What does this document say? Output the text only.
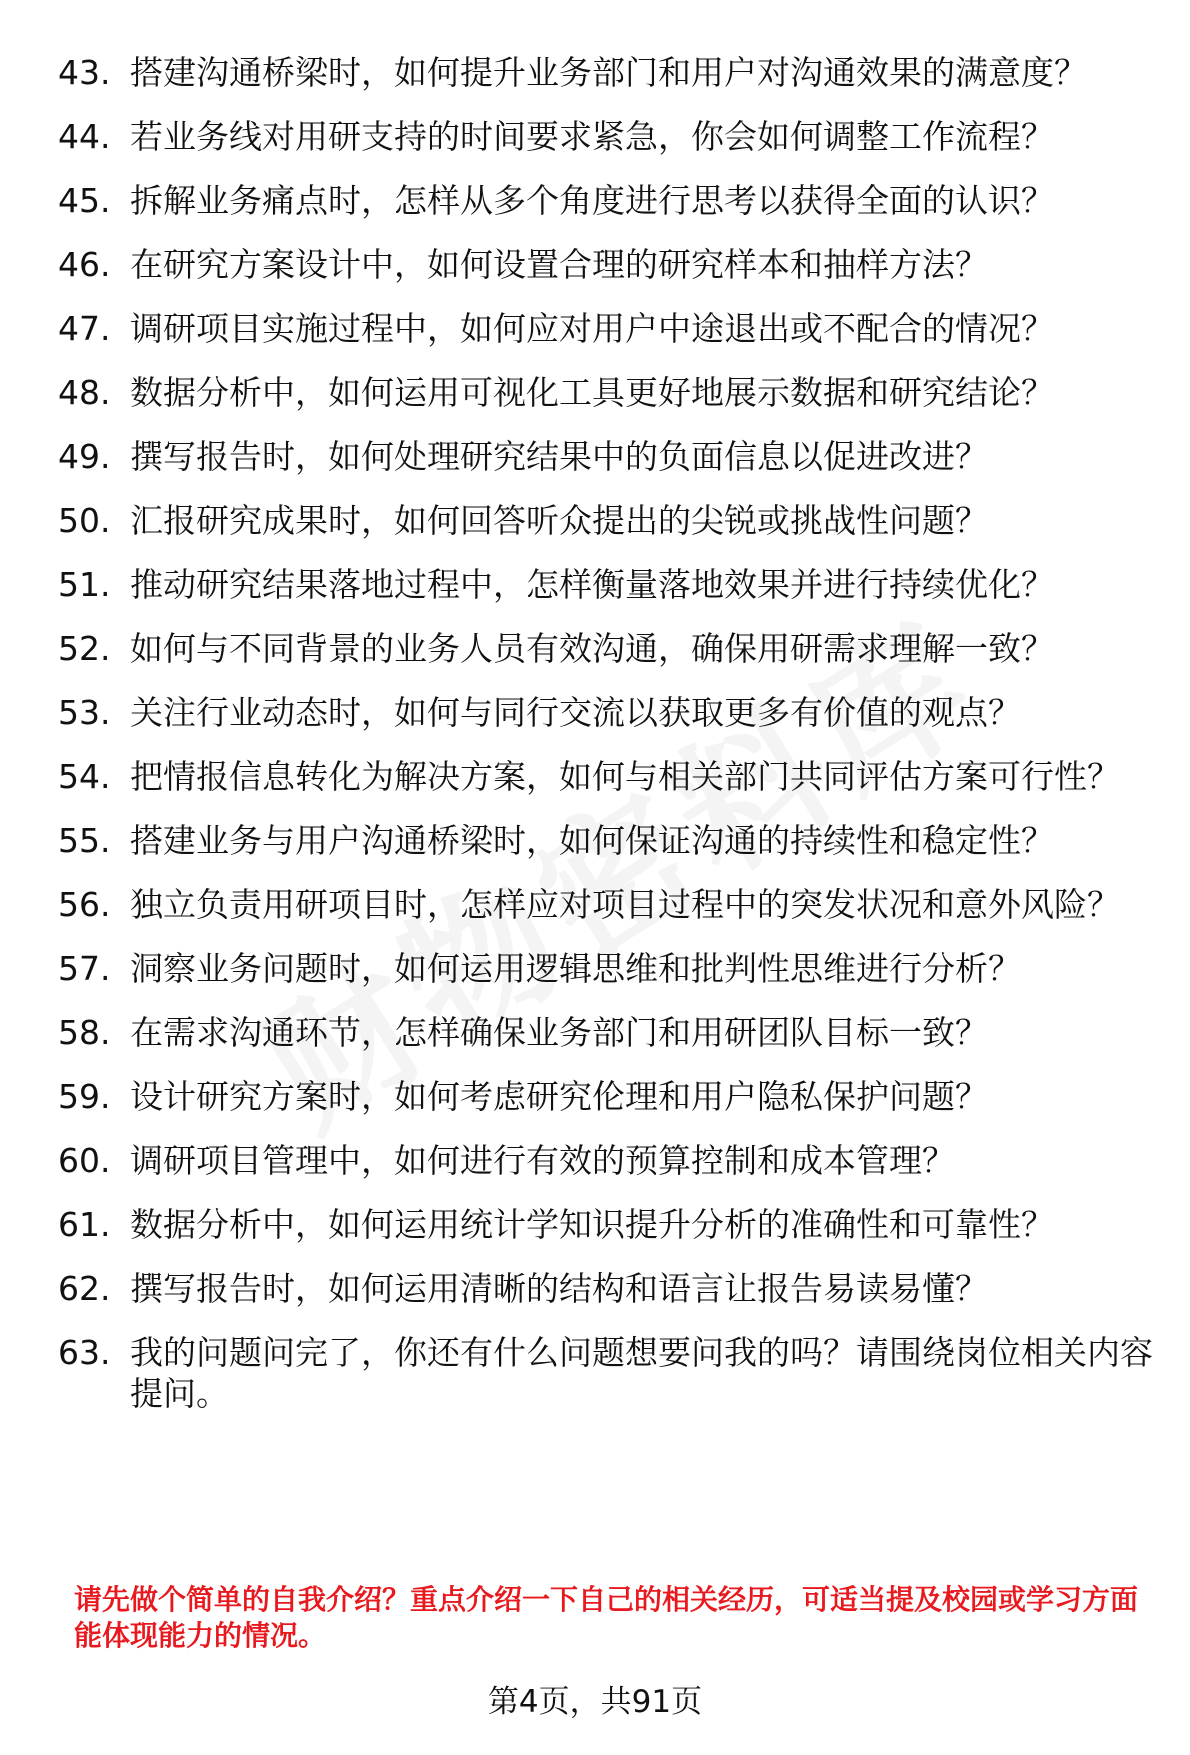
43. 搭建沟通桥梁时，如何提升业务部门和用户对沟通效果的满意度？
44. 若业务线对用研支持的时间要求紧急，你会如何调整工作流程？
45. 拆解业务痛点时，怎样从多个角度进行思考以获得全面的认识？
46. 在研究方案设计中，如何设置合理的研究样本和抽样方法？
47. 调研项目实施过程中，如何应对用户中途退出或不配合的情况？
48. 数据分析中，如何运用可视化工具更好地展示数据和研究结论？
49. 撰写报告时，如何处理研究结果中的负面信息以促进改进？
50. 汇报研究成果时，如何回答听众提出的尖锐或挑战性问题？
51. 推动研究结果落地过程中，怎样衡量落地效果并进行持续优化？
52. 如何与不同背景的业务人员有效沟通，确保用研需求理解一致？
53. 关注行业动态时，如何与同行交流以获取更多有价值的观点？
54. 把情报信息转化为解决方案，如何与相关部门共同评估方案可行性？
55. 搭建业务与用户沟通桥梁时，如何保证沟通的持续性和稳定性？
56. 独立负责用研项目时，怎样应对项目过程中的突发状况和意外风险？
57. 洞察业务问题时，如何运用逻辑思维和批判性思维进行分析？
58. 在需求沟通环节，怎样确保业务部门和用研团队目标一致？
59. 设计研究方案时，如何考虑研究伦理和用户隐私保护问题？
60. 调研项目管理中，如何进行有效的预算控制和成本管理？
61. 数据分析中，如何运用统计学知识提升分析的准确性和可靠性？
62. 撰写报告时，如何运用清晰的结构和语言让报告易读易懂？
63. 我的问题问完了，你还有什么问题想要问我的吗？请围绕岗位相关内容提问。
请先做个简单的自我介绍？重点介绍一下自己的相关经历，可适当提及校园或学习方面能体现能力的情况。
第4页，共91页
